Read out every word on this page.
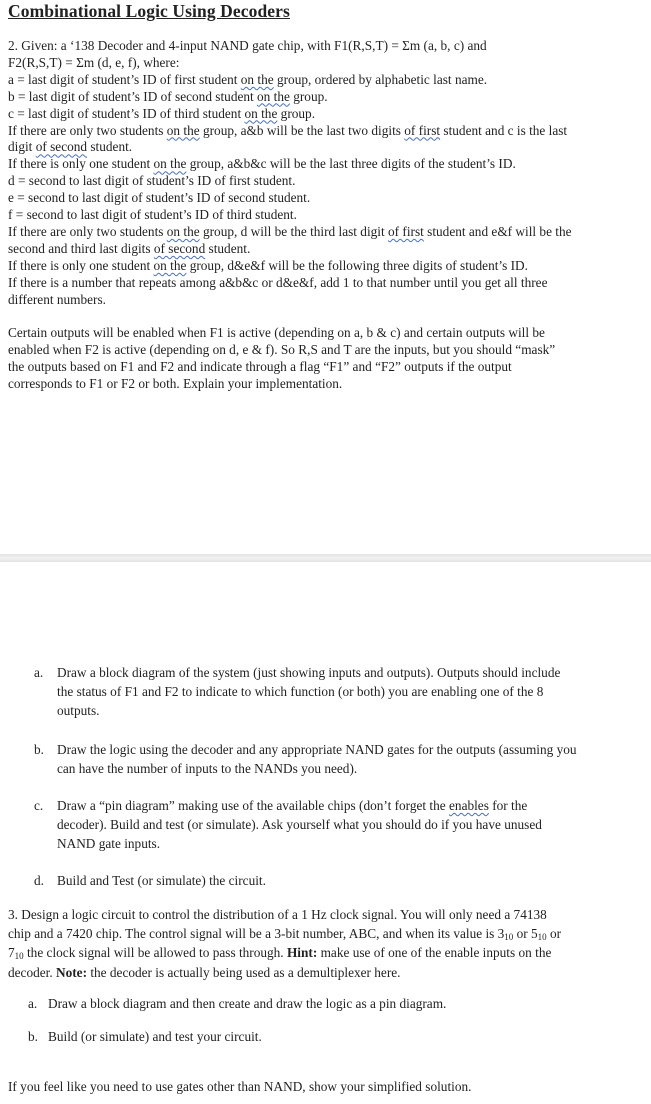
Combinational Logic Using Decoders

2. Given: a ‘138 Decoder and 4-input NAND gate chip, with F1(R,S,T) = Σm (a, b, c) and

F2(R,S,T) = Σm (d, e, f), where:

a = last digit of student’s ID of first student on the group, ordered by alphabetic last name.

b = last digit of student’s ID of second student on the group.

c = last digit of student’s ID of third student on the group.

If there are only two students on the group, a&b will be the last two digits of first student and c is the last

digit of second student.

If there is only one student on the group, a&b&c will be the last three digits of the student’s ID.

d = second to last digit of student’s ID of first student.

e = second to last digit of student’s ID of second student.

f = second to last digit of student’s ID of third student.

If there are only two students on the group, d will be the third last digit of first student and e&f will be the

second and third last digits of second student.

If there is only one student on the group, d&e&f will be the following three digits of student’s ID.

If there is a number that repeats among a&b&c or d&e&f, add 1 to that number until you get all three

different numbers.

Certain outputs will be enabled when F1 is active (depending on a, b & c) and certain outputs will be

enabled when F2 is active (depending on d, e & f). So R,S and T are the inputs, but you should “mask”

the outputs based on F1 and F2 and indicate through a flag “F1” and “F2” outputs if the output

corresponds to F1 or F2 or both. Explain your implementation.

a. Draw a block diagram of the system (just showing inputs and outputs). Outputs should include
the status of F1 and F2 to indicate to which function (or both) you are enabling one of the 8
outputs.
b. Draw the logic using the decoder and any appropriate NAND gates for the outputs (assuming you
can have the number of inputs to the NANDs you need).
c. Draw a “pin diagram” making use of the available chips (don’t forget the enables for the
decoder). Build and test (or simulate). Ask yourself what you should do if you have unused
NAND gate inputs.
d. Build and Test (or simulate) the circuit.
3. Design a logic circuit to control the distribution of a 1 Hz clock signal. You will only need a 74138
chip and a 7420 chip. The control signal will be a 3-bit number, ABC, and when its value is $3_{10}$ or $5_{10}$ or
$7_{10}$ the clock signal will be allowed to pass through. Hint: make use of one of the enable inputs on the
decoder. Note: the decoder is actually being used as a demultiplexer here.
a. Draw a block diagram and then create and draw the logic as a pin diagram.
b. Build (or simulate) and test your circuit.
If you feel like you need to use gates other than NAND, show your simplified solution.
